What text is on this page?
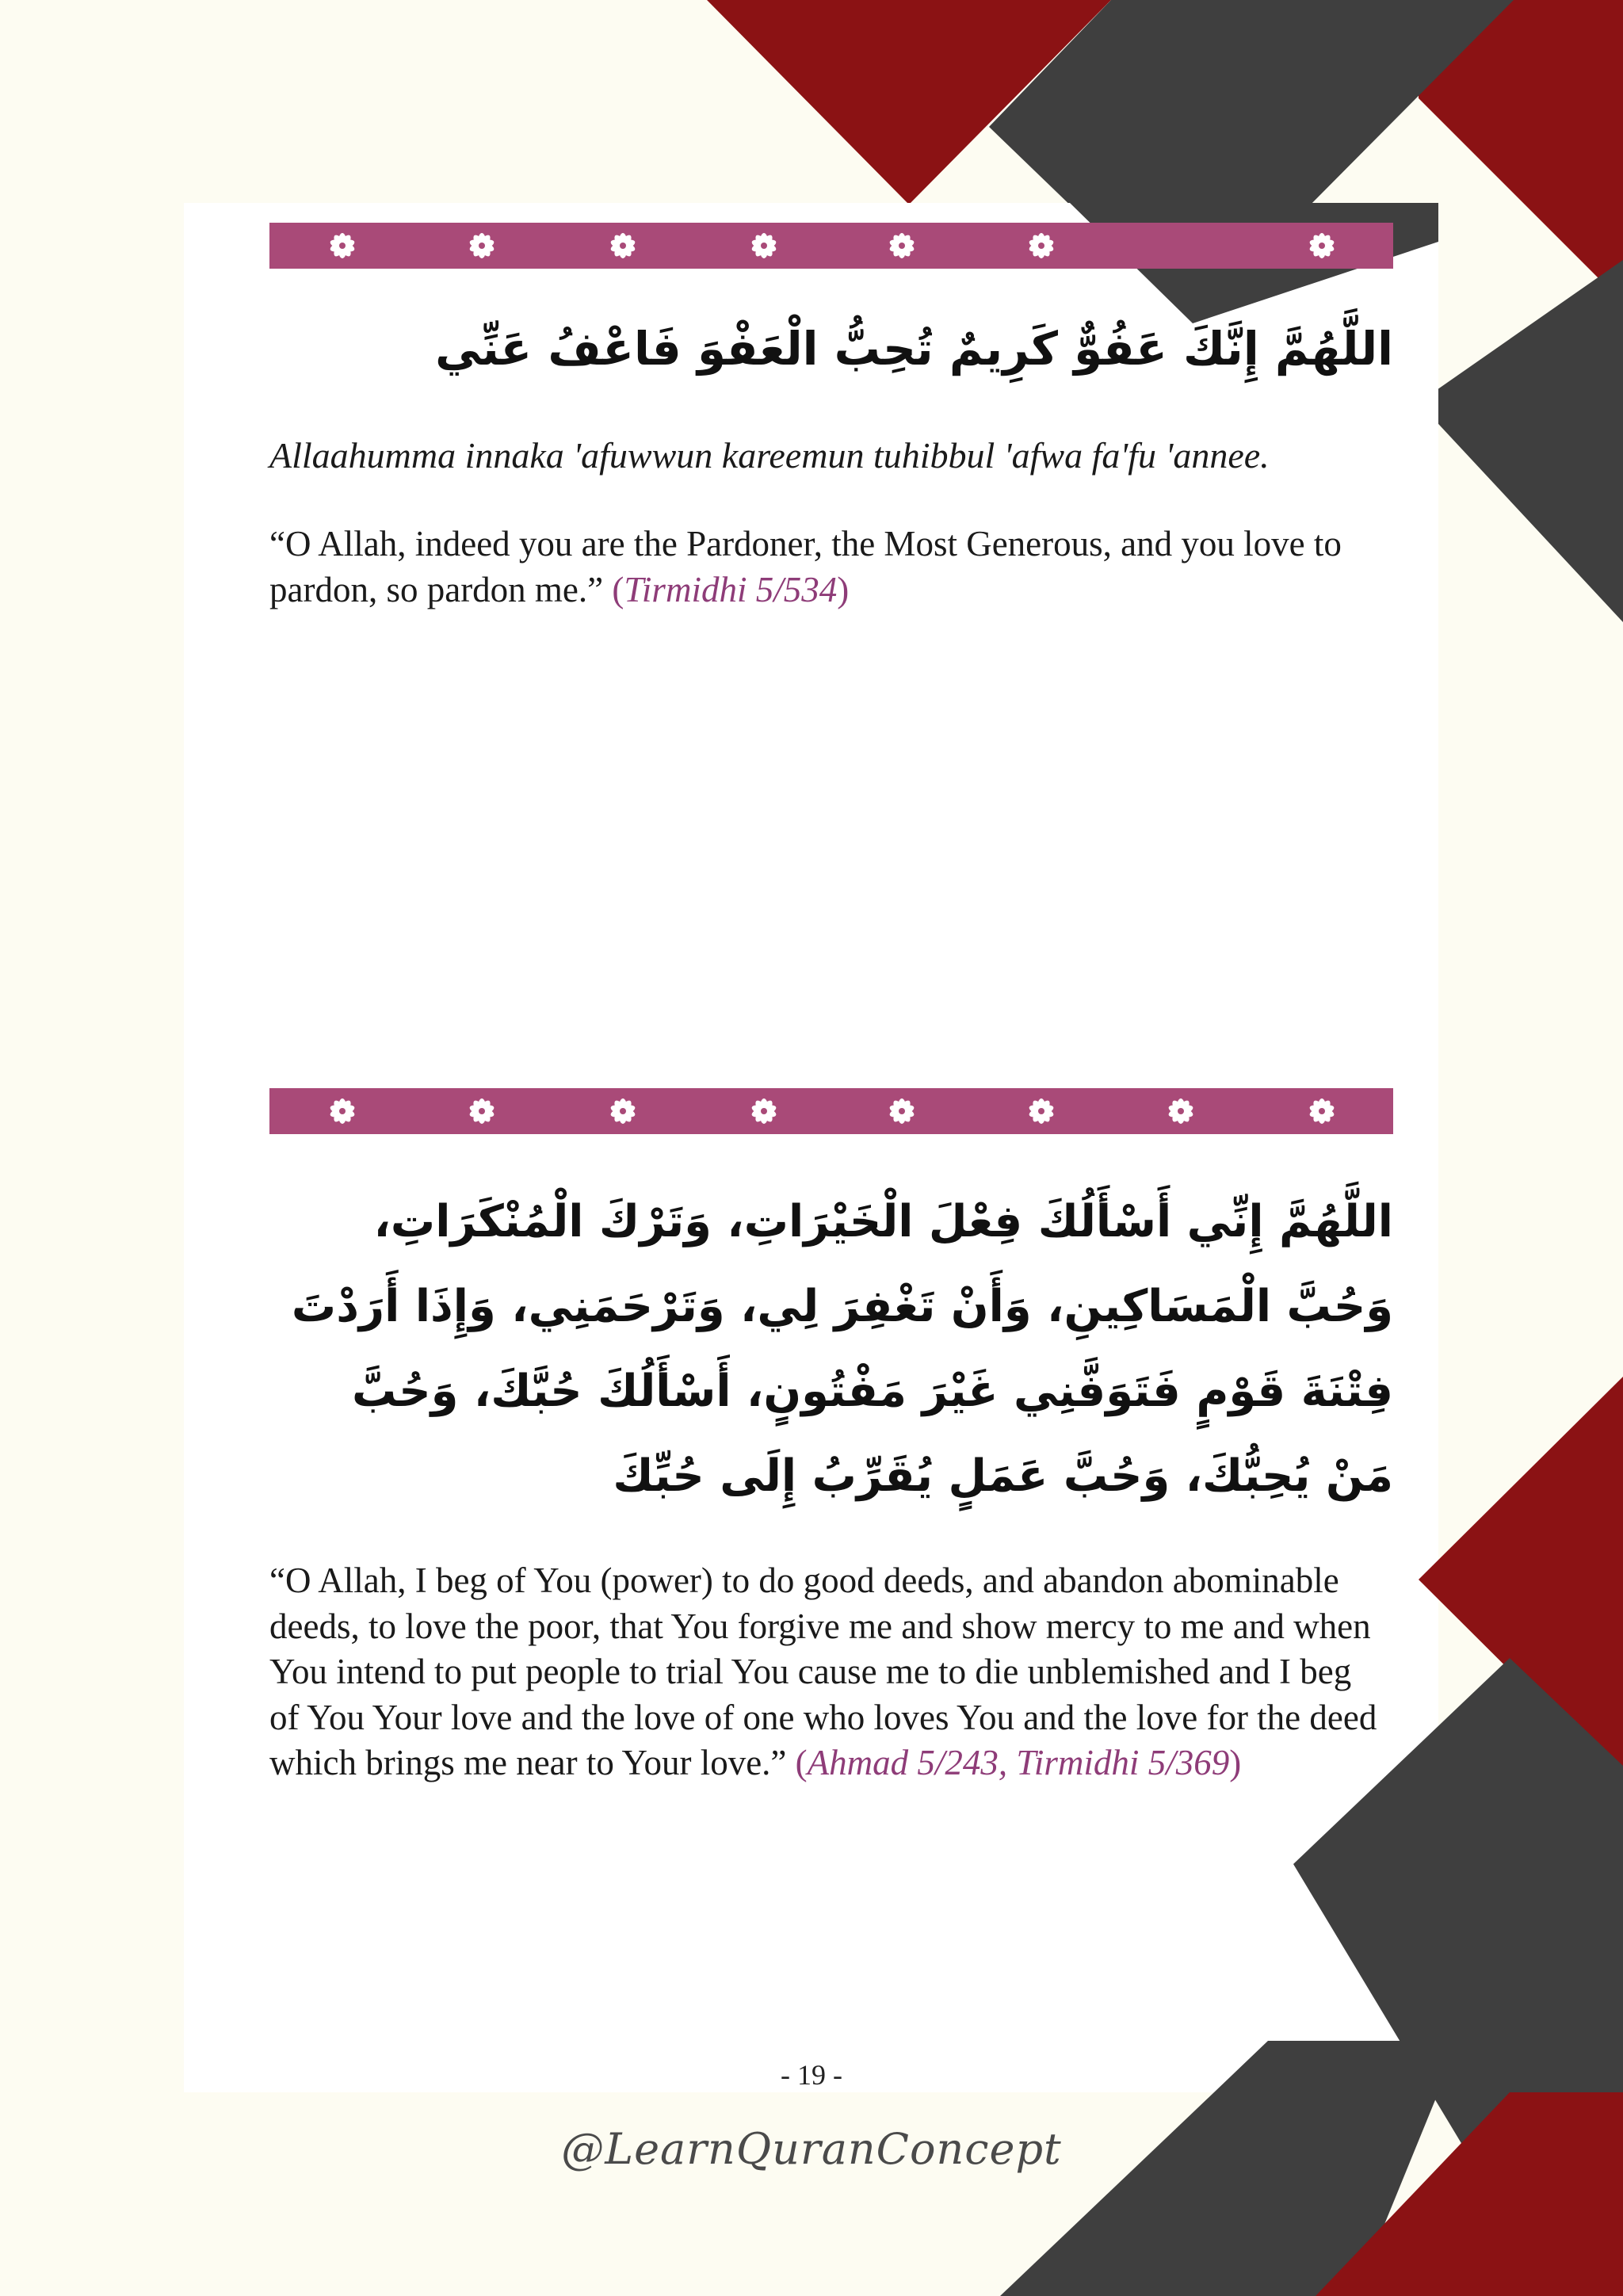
اللَّهُمَّ إِنَّكَ عَفُوٌّ كَرِيمٌ تُحِبُّ الْعَفْوَ فَاعْفُ عَنِّي
Allaahumma innaka 'afuwwun kareemun tuhibbul 'afwa fa'fu 'annee.
“O Allah, indeed you are the Pardoner, the Most Generous, and you love to pardon, so pardon me.” (Tirmidhi 5/534)
اللَّهُمَّ إِنِّي أَسْأَلُكَ فِعْلَ الْخَيْرَاتِ، وَتَرْكَ الْمُنْكَرَاتِ، وَحُبَّ الْمَسَاكِينِ، وَأَنْ تَغْفِرَ لِي، وَتَرْحَمَنِي، وَإِذَا أَرَدْتَ فِتْنَةَ قَوْمٍ فَتَوَفَّنِي غَيْرَ مَفْتُونٍ، أَسْأَلُكَ حُبَّكَ، وَحُبَّ مَنْ يُحِبُّكَ، وَحُبَّ عَمَلٍ يُقَرِّبُ إِلَى حُبِّكَ
“O Allah, I beg of You (power) to do good deeds, and abandon abominable deeds, to love the poor, that You forgive me and show mercy to me and when You intend to put people to trial You cause me to die unblemished and I beg of You Your love and the love of one who loves You and the love for the deed which brings me near to Your love.” (Ahmad 5/243, Tirmidhi 5/369)
- 19 -
@LearnQuranConcept
